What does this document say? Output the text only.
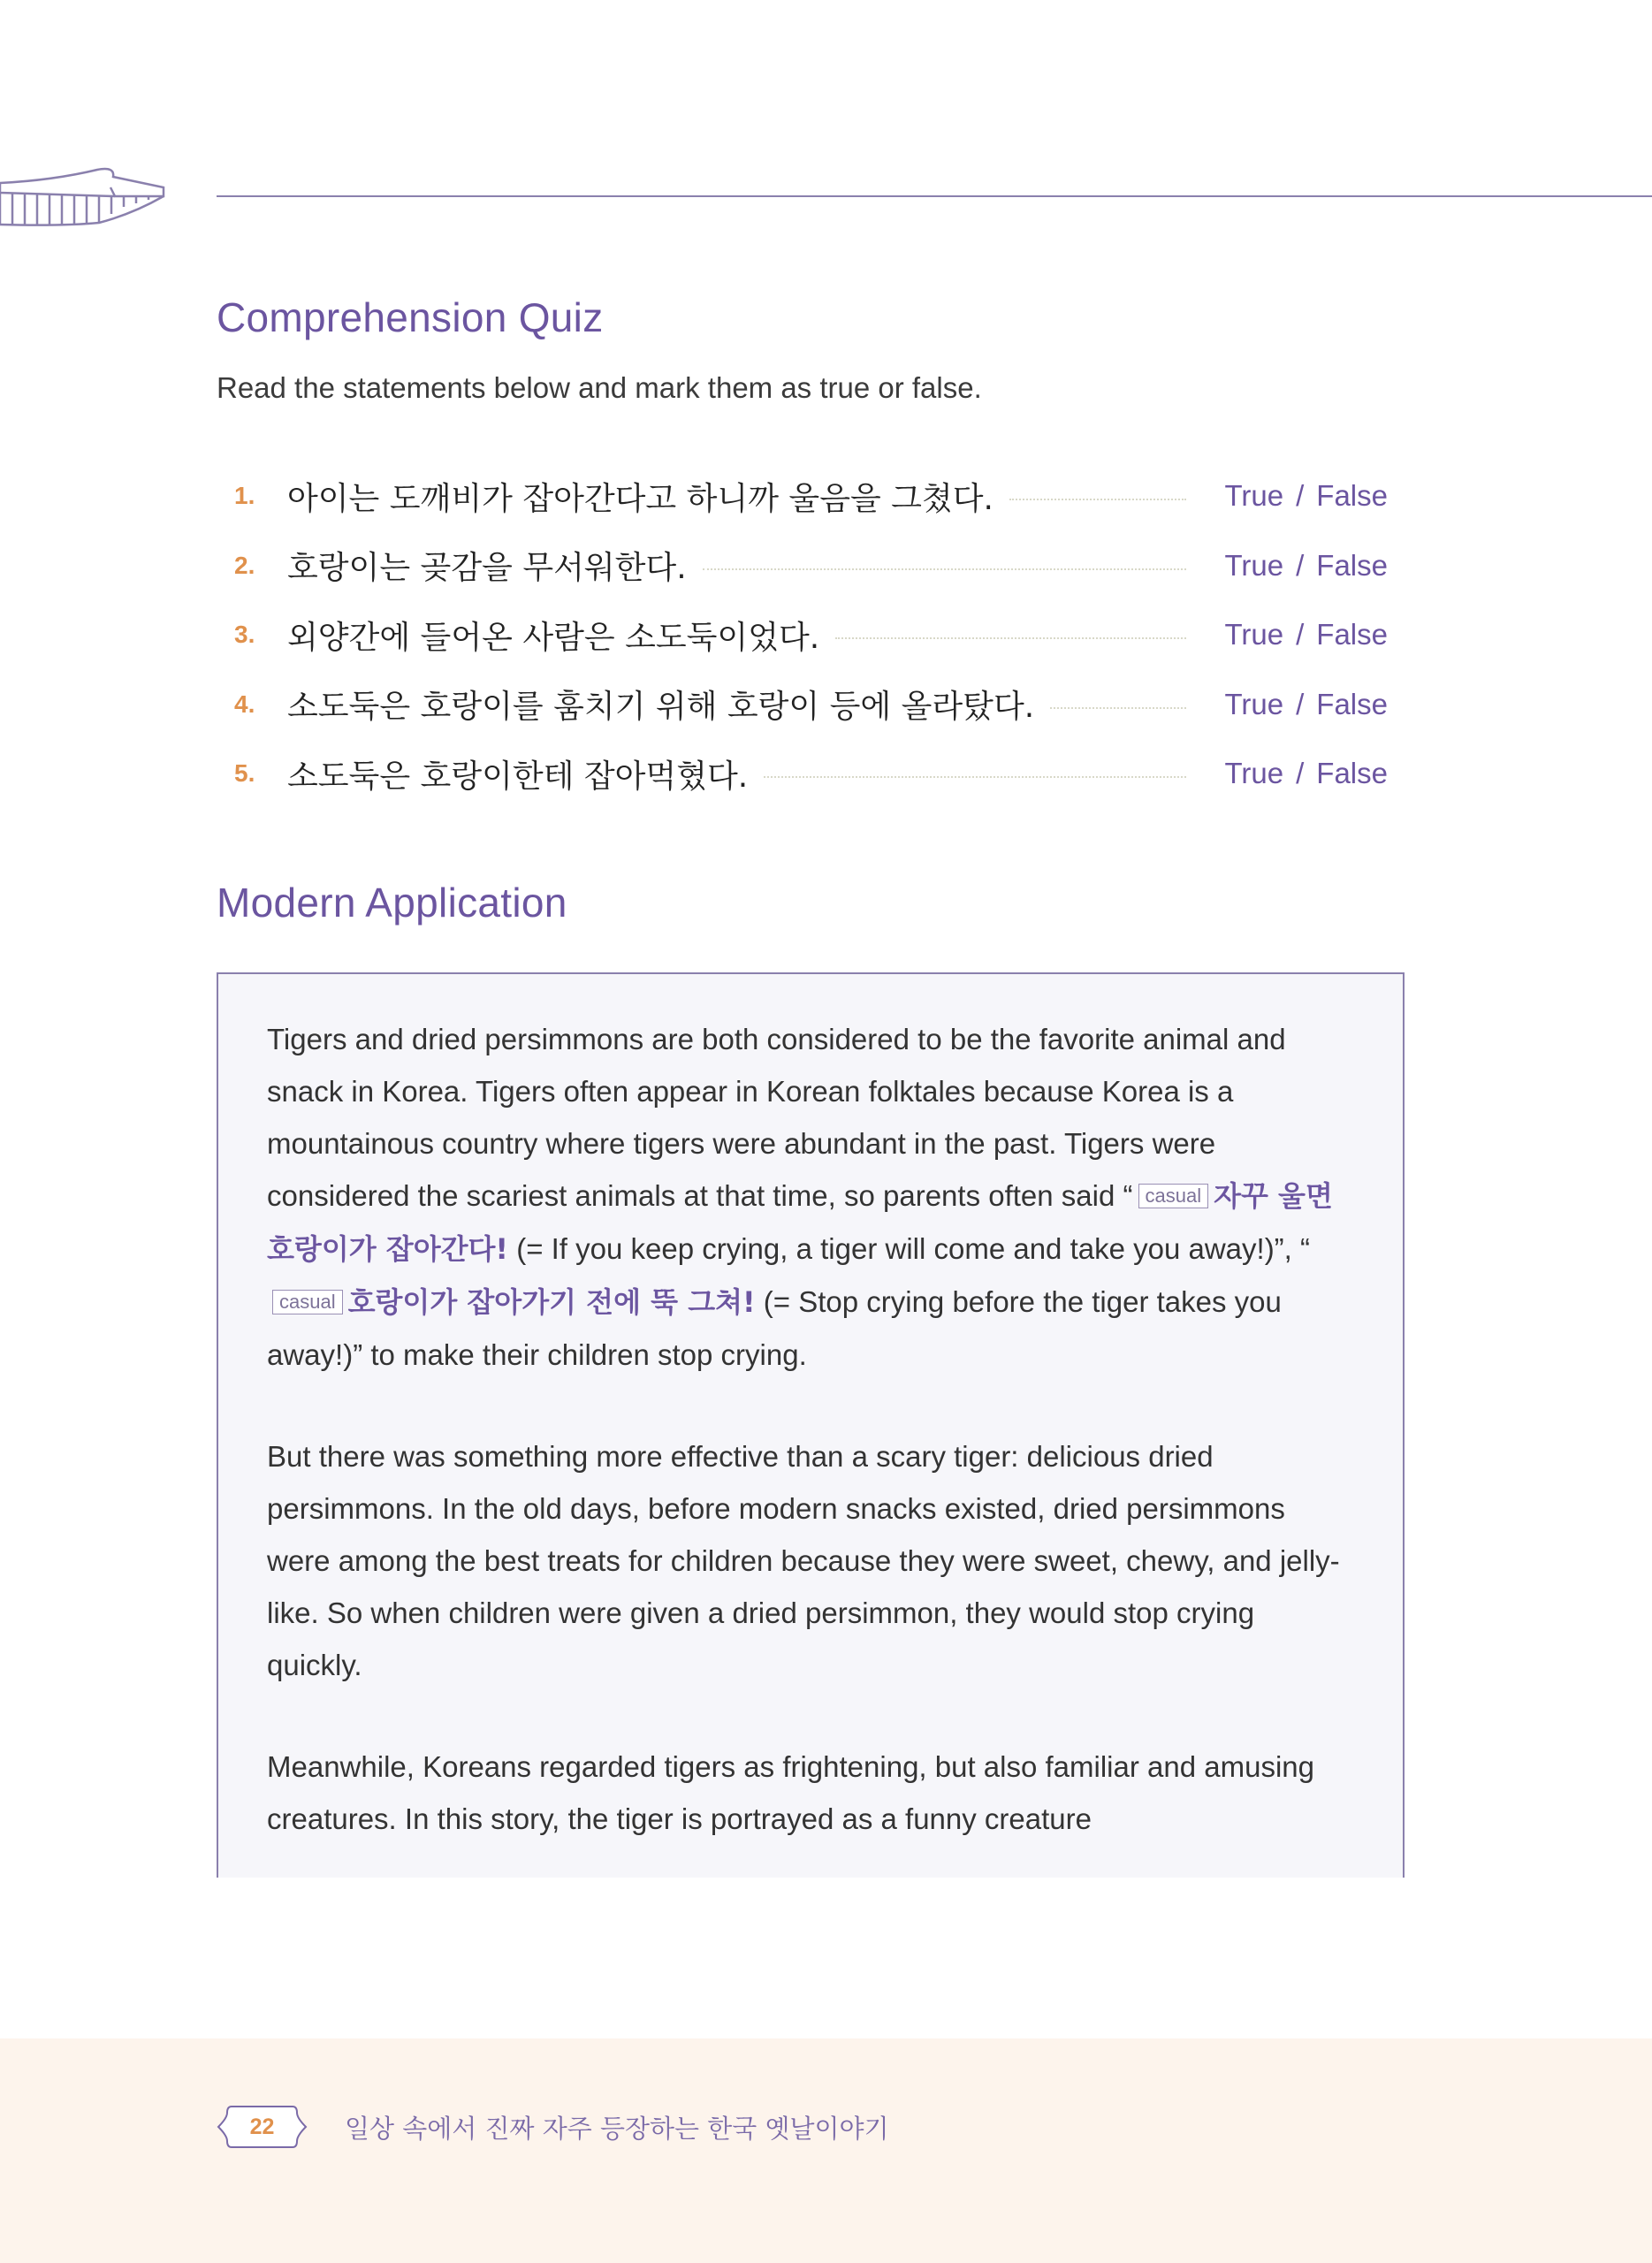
Comprehension Quiz

Read the statements below and mark them as true or false.

1.	아이는 도깨비가 잡아간다고 하니까 울음을 그쳤다.	True / False
2.	호랑이는 곶감을 무서워한다.	True / False
3.	외양간에 들어온 사람은 소도둑이었다.	True / False
4.	소도둑은 호랑이를 훔치기 위해 호랑이 등에 올라탔다.	True / False
5.	소도둑은 호랑이한테 잡아먹혔다.	True / False
Modern Application

Tigers and dried persimmons are both considered to be the favorite animal and snack in Korea. Tigers often appear in Korean folktales because Korea is a mountainous country where tigers were abundant in the past. Tigers were considered the scariest animals at that time, so parents often said “ casual 자꾸 울면 호랑이가 잡아간다! (= If you keep crying, a tiger will come and take you away!)”, “casual 호랑이가 잡아가기 전에 뚝 그쳐! (= Stop crying before the tiger takes you away!)” to make their children stop crying.

But there was something more effective than a scary tiger: delicious dried persimmons. In the old days, before modern snacks existed, dried persimmons were among the best treats for children because they were sweet, chewy, and jelly-like. So when children were given a dried persimmon, they would stop crying quickly.

Meanwhile, Koreans regarded tigers as frightening, but also familiar and amusing creatures. In this story, the tiger is portrayed as a funny creature

22	일상 속에서 진짜 자주 등장하는 한국 옛날이야기
